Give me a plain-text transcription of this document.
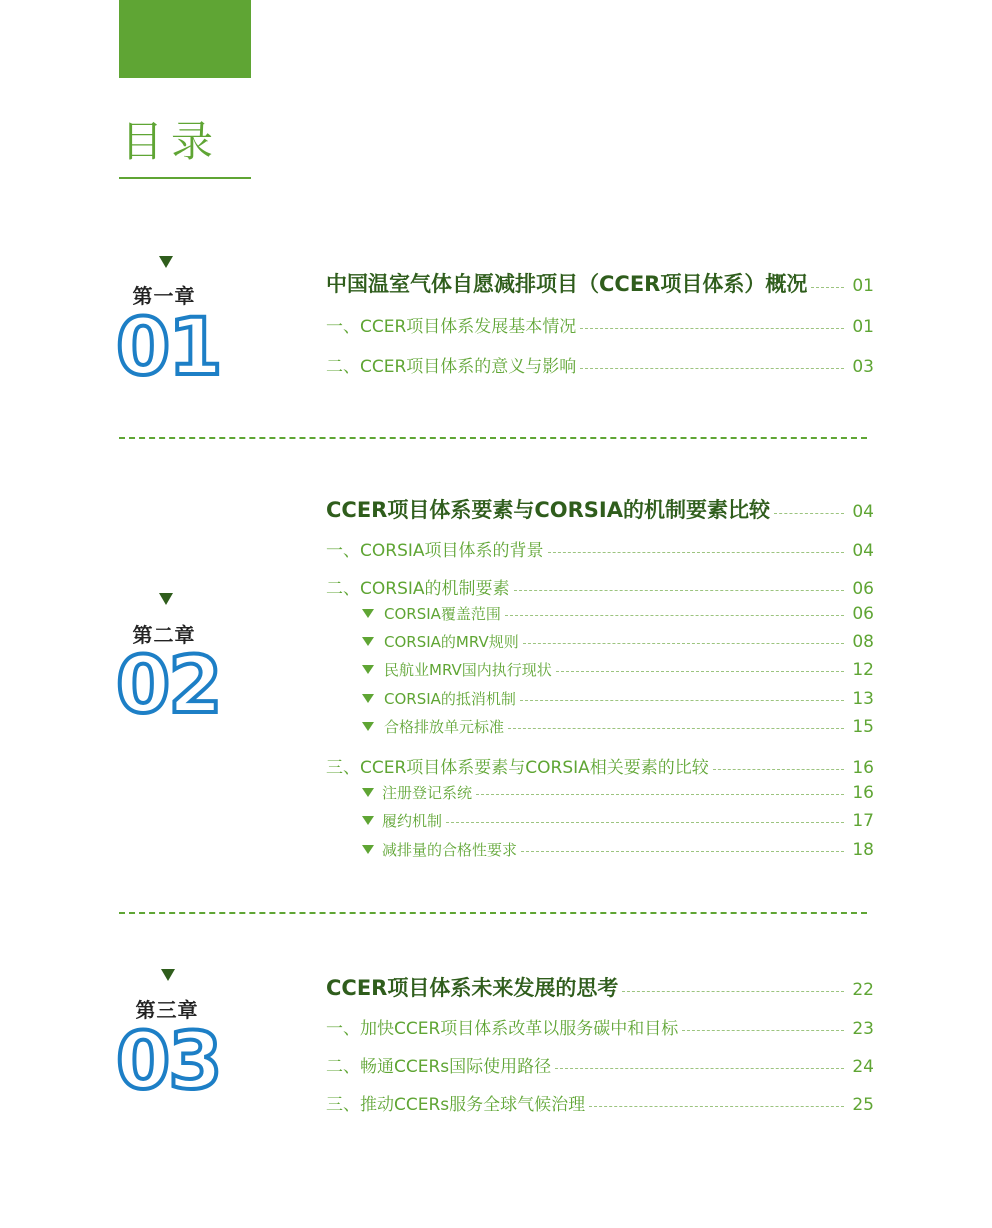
目录
第一章
01
中国温室气体自愿减排项目（CCER项目体系）概况	01
一、CCER项目体系发展基本情况	01
二、CCER项目体系的意义与影响	03
第二章
02
CCER项目体系要素与CORSIA的机制要素比较	04
一、CORSIA项目体系的背景	04
二、CORSIA的机制要素	06
CORSIA覆盖范围	06
CORSIA的MRV规则	08
民航业MRV国内执行现状	12
CORSIA的抵消机制	13
合格排放单元标准	15
三、CCER项目体系要素与CORSIA相关要素的比较	16
注册登记系统	16
履约机制	17
减排量的合格性要求	18
第三章
03
CCER项目体系未来发展的思考	22
一、加快CCER项目体系改革以服务碳中和目标	23
二、畅通CCERs国际使用路径	24
三、推动CCERs服务全球气候治理	25
